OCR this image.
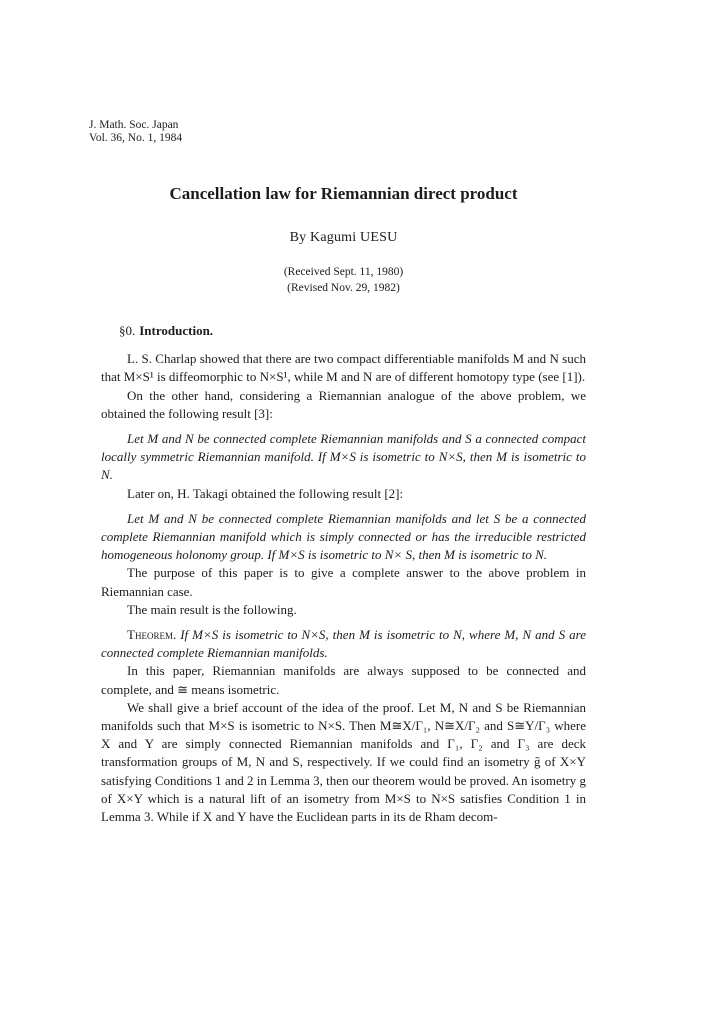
J. Math. Soc. Japan
Vol. 36, No. 1, 1984
Cancellation law for Riemannian direct product
By Kagumi UESU
(Received Sept. 11, 1980)
(Revised Nov. 29, 1982)
§0. Introduction.

L. S. Charlap showed that there are two compact differentiable manifolds M and N such that M×S¹ is diffeomorphic to N×S¹, while M and N are of different homotopy type (see [1]).

On the other hand, considering a Riemannian analogue of the above problem, we obtained the following result [3]:

Let M and N be connected complete Riemannian manifolds and S a connected compact locally symmetric Riemannian manifold. If M×S is isometric to N×S, then M is isometric to N.

Later on, H. Takagi obtained the following result [2]:

Let M and N be connected complete Riemannian manifolds and let S be a connected complete Riemannian manifold which is simply connected or has the irreducible restricted homogeneous holonomy group. If M×S is isometric to N× S, then M is isometric to N.

The purpose of this paper is to give a complete answer to the above problem in Riemannian case.

The main result is the following.

Theorem. If M×S is isometric to N×S, then M is isometric to N, where M, N and S are connected complete Riemannian manifolds.

In this paper, Riemannian manifolds are always supposed to be connected and complete, and ≅ means isometric.

We shall give a brief account of the idea of the proof. Let M, N and S be Riemannian manifolds such that M×S is isometric to N×S. Then M≅X/Γ₁, N≅X/Γ₂ and S≅Y/Γ₃ where X and Y are simply connected Riemannian manifolds and Γ₁, Γ₂ and Γ₃ are deck transformation groups of M, N and S, respectively. If we could find an isometry g̃ of X×Y satisfying Conditions 1 and 2 in Lemma 3, then our theorem would be proved. An isometry g of X×Y which is a natural lift of an isometry from M×S to N×S satisfies Condition 1 in Lemma 3. While if X and Y have the Euclidean parts in its de Rham decom-
